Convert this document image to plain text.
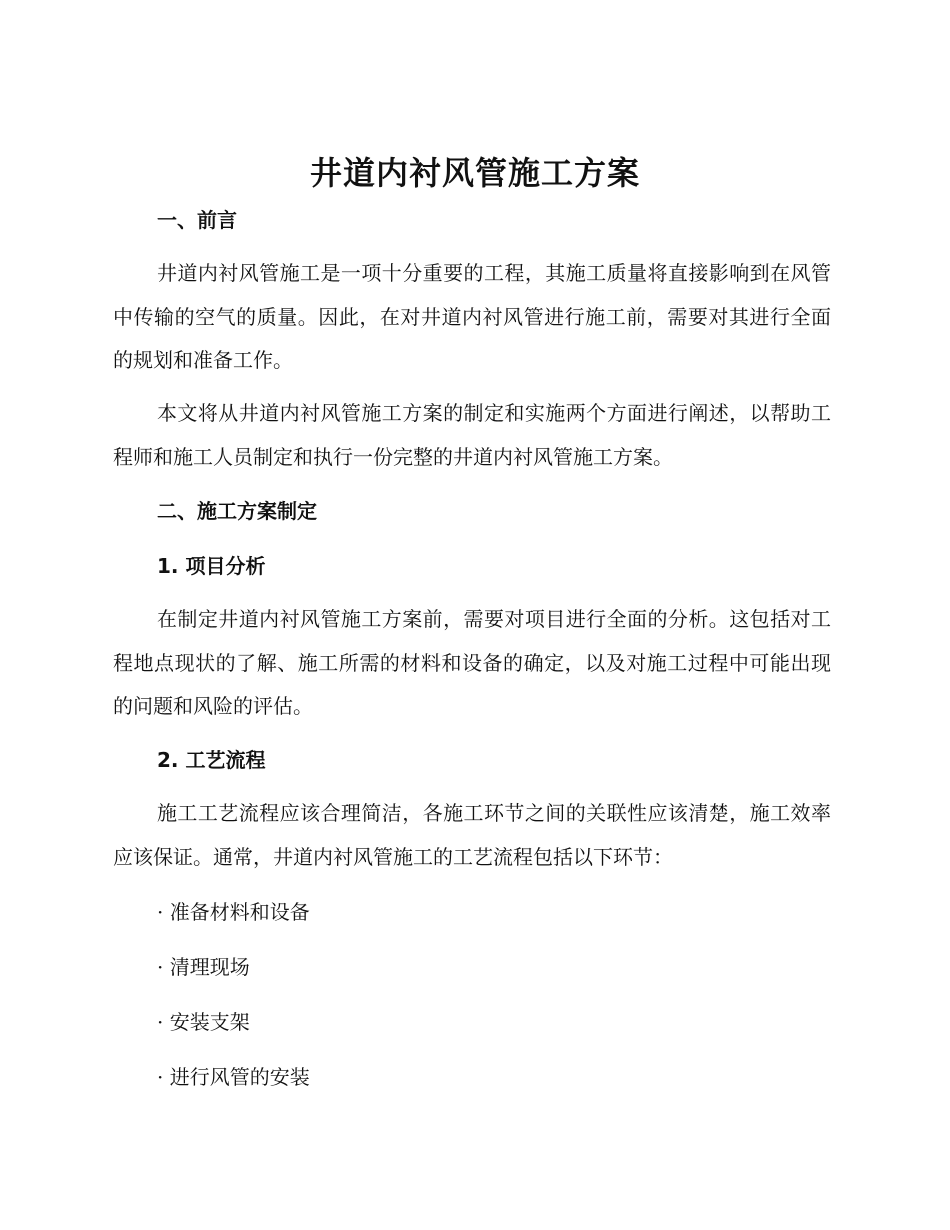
井道内衬风管施工方案
一、前言

井道内衬风管施工是一项十分重要的工程，其施工质量将直接影响到在风管中传输的空气的质量。因此，在对井道内衬风管进行施工前，需要对其进行全面的规划和准备工作。

本文将从井道内衬风管施工方案的制定和实施两个方面进行阐述，以帮助工程师和施工人员制定和执行一份完整的井道内衬风管施工方案。

二、施工方案制定
1. 项目分析

在制定井道内衬风管施工方案前，需要对项目进行全面的分析。这包括对工程地点现状的了解、施工所需的材料和设备的确定，以及对施工过程中可能出现的问题和风险的评估。

2. 工艺流程

施工工艺流程应该合理简洁，各施工环节之间的关联性应该清楚，施工效率应该保证。通常，井道内衬风管施工的工艺流程包括以下环节：

· 准备材料和设备
· 清理现场
· 安装支架
· 进行风管的安装
